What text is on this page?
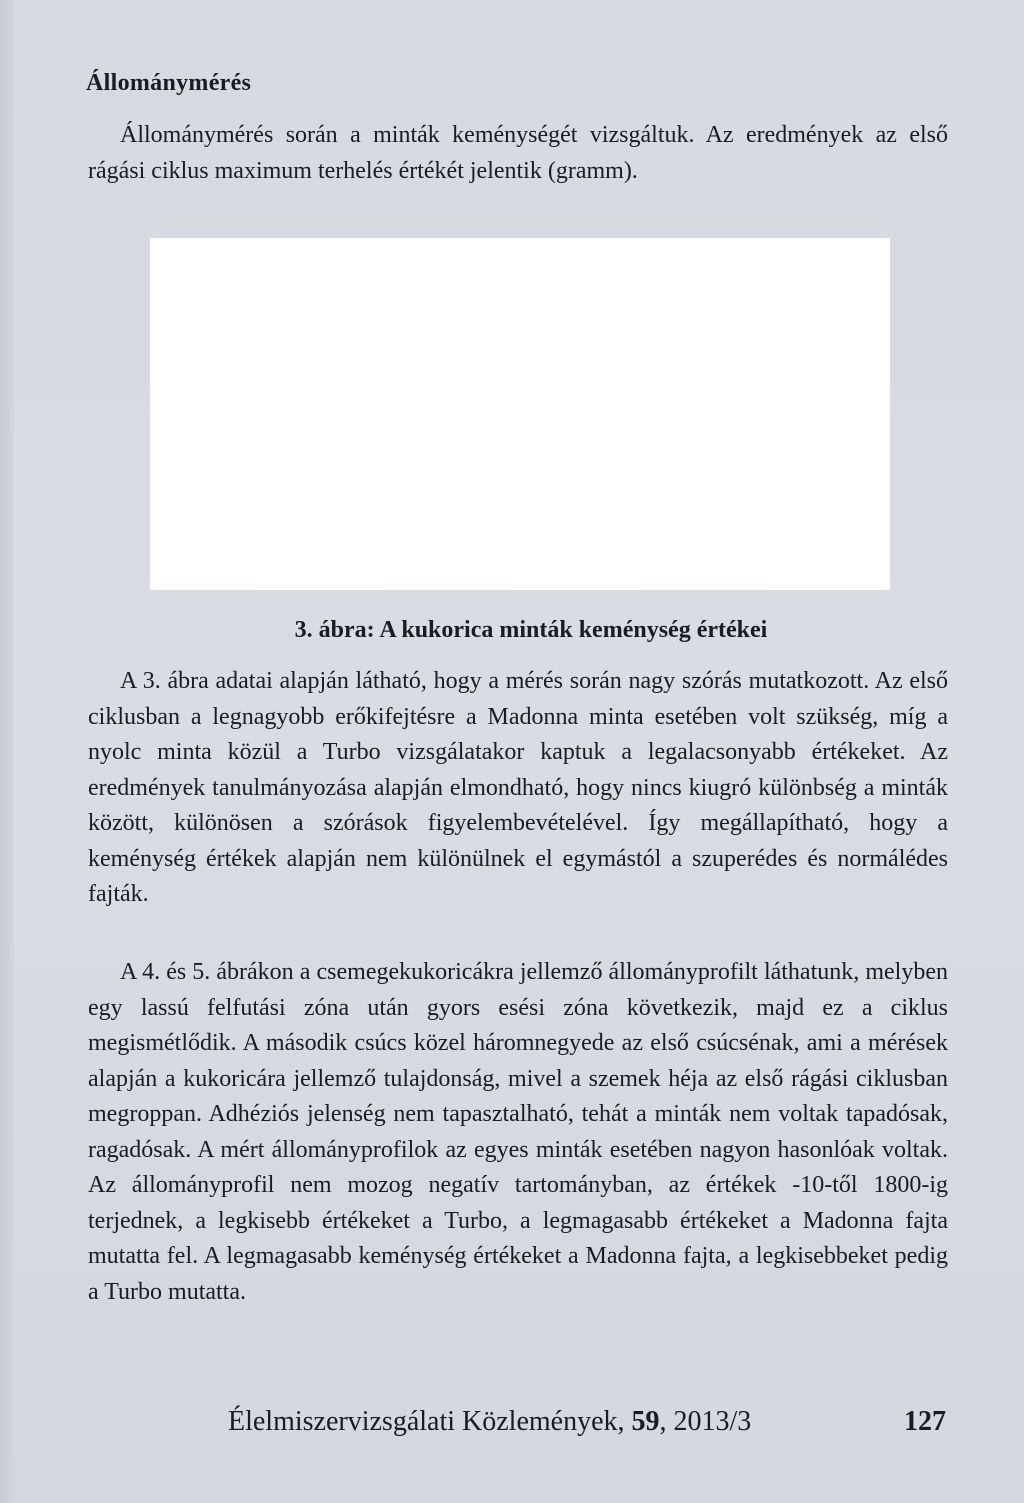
Állománymérés

Állománymérés során a minták keménységét vizsgáltuk. Az eredmények az első rágási ciklus maximum terhelés értékét jelentik (gramm).

3. ábra: A kukorica minták keménység értékei

A 3. ábra adatai alapján látható, hogy a mérés során nagy szórás mutatkozott. Az első ciklusban a legnagyobb erőkifejtésre a Madonna minta esetében volt szükség, míg a nyolc minta közül a Turbo vizsgálatakor kaptuk a legalacsonyabb értékeket. Az eredmények tanulmányozása alapján elmondható, hogy nincs kiugró különbség a minták között, különösen a szórások figyelembevételével. Így megállapítható, hogy a keménység értékek alapján nem különülnek el egymástól a szuperédes és normálédes fajták.

A 4. és 5. ábrákon a csemegekukoricákra jellemző állományprofilt láthatunk, melyben egy lassú felfutási zóna után gyors esési zóna következik, majd ez a ciklus megismétlődik. A második csúcs közel háromnegyede az első csúcsénak, ami a mérések alapján a kukoricára jellemző tulajdonság, mivel a szemek héja az első rágási ciklusban megroppan. Adhéziós jelenség nem tapasztalható, tehát a minták nem voltak tapadósak, ragadósak. A mért állományprofilok az egyes minták esetében nagyon hasonlóak voltak. Az állományprofil nem mozog negatív tartományban, az értékek -10-től 1800-ig terjednek, a legkisebb értékeket a Turbo, a legmagasabb értékeket a Madonna fajta mutatta fel. A legmagasabb keménység értékeket a Madonna fajta, a legkisebbeket pedig a Turbo mutatta.

Élelmiszervizsgálati Közlemények, 59, 2013/3	127
